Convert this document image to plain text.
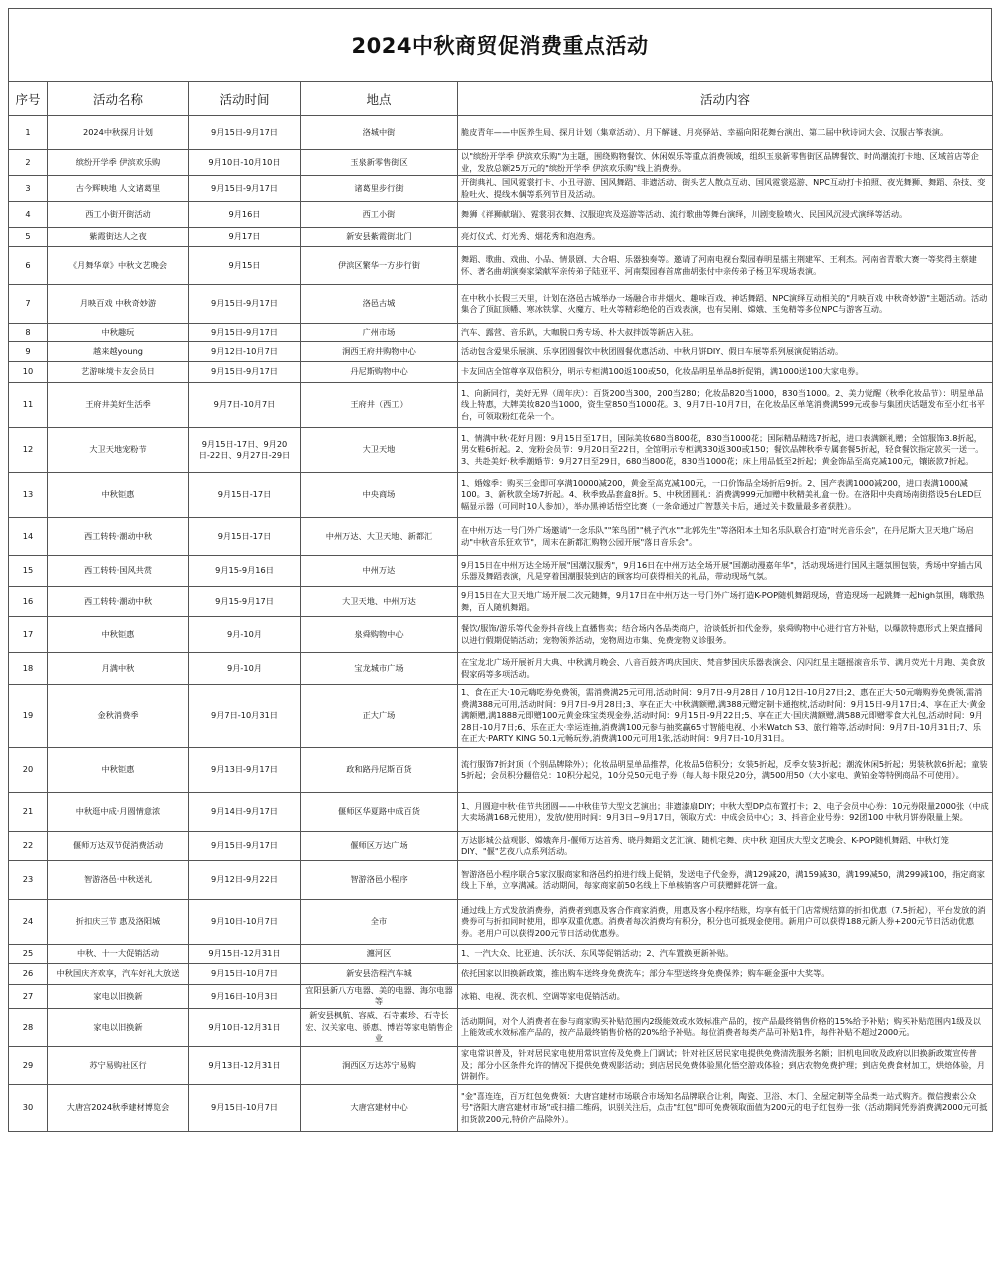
2024中秋商贸促消费重点活动
序号	活动名称	活动时间	地点	活动内容
1	2024中秋探月计划	9月15日-9月17日	洛城中街	脆皮青年——中医养生局、探月计划（集章活动）、月下解谜、月亮驿站、幸福向阳花舞台演出、第二届中秋诗词大会、汉服古筝表演。
2	缤纷开学季 伊滨欢乐购	9月10日-10月10日	玉泉新零售街区	以"缤纷开学季 伊滨欢乐购"为主题，围绕购物餐饮、休闲娱乐等重点消费领域，组织玉泉新零售街区品牌餐饮、时尚潮流打卡地、区域首店等企业，发放总额25万元的"缤纷开学季 伊滨欢乐购"线上消费券。
3	古今辉映地 人文诸葛里	9月15日-9月17日	诸葛里步行街	开街典礼、国风霓裳打卡、小丑寻游、国风舞蹈、非遗活动、街头艺人散点互动、国风霓裳巡游、NPC互动打卡拍照、夜光舞狮、舞蹈、杂技、变脸吐火、提线木偶等系列节目及活动。
4	西工小街开街活动	9月16日	西工小街	舞狮《祥狮献瑞》、霓裳羽衣舞、汉服迎宾及巡游等活动、流行歌曲等舞台演绎，川剧变脸喷火、民国风沉浸式演绎等活动。
5	紫霞街达人之夜	9月17日	新安县紫霞街北门	亮灯仪式、灯光秀、烟花秀和泡泡秀。
6	《月舞华章》中秋文艺晚会	9月15日	伊滨区繁华一方步行街	舞蹈、歌曲、戏曲、小品、情景剧、大合唱、乐器独奏等。邀请了河南电视台梨园春明星擂主荆建军、王利杰。河南省青歌大赛一等奖得主蔡建怀、著名曲胡演奏家梁献军亲传弟子陆亚平、河南梨园春首席曲胡张付中亲传弟子杨卫军现场表演。
7	月映百戏 中秋奇妙游	9月15日-9月17日	洛邑古城	在中秋小长假三天里，计划在洛邑古城举办一场融合市井烟火、趣味百戏、神话舞蹈、NPC演绎互动相关的"月映百戏 中秋奇妙游"主题活动。活动集合了顶缸顶幡、寒冰铁掌、火魔方、吐火等精彩绝伦的百戏表演，也有吴刚、嫦娥、玉兔精等多位NPC与游客互动。
8	中秋趣玩	9月15日-9月17日	广州市场	汽车、露营、音乐趴，大咖脱口秀专场、朴大叔拌饭等新店入驻。
9	越来越young	9月12日-10月7日	涧西王府井购物中心	活动包含爱果乐展演、乐享团圆餐饮中秋团圆餐优惠活动、中秋月饼DIY、假日车展等系列展演促销活动。
10	艺游味境卡友会员日	9月15日-9月17日	丹尼斯购物中心	卡友回店全馆尊享双倍积分，明示专柜满100返100或50，化妆品明星单品8折促销，满1000送100大家电券。
11	王府井美好生活季	9月7日-10月7日	王府井（西工）	1、向新同行，美好无界（周年庆）：百货200当300，200当280；化妆品820当1000，830当1000。2、美力觉醒（秋季化妆品节）：明星单品线上特惠，大牌美妆820当1000，资生堂850当1000花。3、9月7日-10月7日，在化妆品区单笔消费满599元或参与集团庆话题发布至小红书平台，可领取粉红花朵一个。
12	大卫天地宠粉节	9月15日-17日、9月20日-22日、9月27日-29日	大卫天地	1、情满中秋·花好月圆：9月15日至17日，国际美妆680当800花，830当1000花；国际精品精选7折起，进口表满额礼赠；全馆服饰3.8折起，男女鞋6折起。2、宠粉会员节：9月20日至22日，全馆明示专柜满330返300或150；餐饮品牌秋季专属套餐5折起，轻食餐饮指定款买一送一。3、共赴美好·秋季潮婚节：9月27日至29日，680当800花，830当1000花；床上用品低至2折起；黄金饰品至高克减100元，镶嵌款7折起。
13	中秋钜惠	9月15日-17日	中央商场	1、婚嫁季：购买三金即可享满10000减200，黄金至高克减100元，一口价饰品全场折后9折。2、国产表满1000减200，进口表满1000减100。3、新秋款全场7折起。4、秋季致品套盒8折。5、中秋团圆礼：消费满999元加赠中秋精美礼盒一份。在洛阳中央商场南街搭设5台LED巨幅显示器（可同时10人参加），举办黑神话悟空比赛（一条命通过广智慧关卡后，通过关卡数量最多者获胜）。
14	西工转转·潮动中秋	9月15日-17日	中州万达、大卫天地、新都汇	在中州万达一号门外广场邀请"一念乐队""笨鸟团""桃子汽水""北郭先生"等洛阳本土知名乐队联合打造"时光音乐会"，在丹尼斯大卫天地广场启动"中秋音乐狂欢节"，周末在新都汇购物公园开展"落日音乐会"。
15	西工转转·国风共赏	9月15-9月16日	中州万达	9月15日在中州万达全场开展"国潮汉服秀"，9月16日在中州万达全场开展"国潮动漫嘉年华"，活动现场进行国风主题氛围包装，秀场中穿插古风乐器及舞蹈表演，凡是穿着国潮服装到店的顾客均可获得相关的礼品，带动现场气氛。
16	西工转转·潮动中秋	9月15-9月17日	大卫天地、中州万达	9月15日在大卫天地广场开展二次元随舞，9月17日在中州万达一号门外广场打造K-POP随机舞蹈现场，营造现场一起跳舞一起high氛围，嗨歌热舞，百人随机舞蹈。
17	中秋钜惠	9月-10月	泉舜购物中心	餐饮/服饰/游乐等代金券抖音线上直播售卖；结合场内各品类商户，洽谈低折扣代金券，泉舜购物中心进行官方补贴，以爆款特惠形式上架直播间以进行假期促销活动；宠物领养活动，宠物周边市集、免费宠物义诊服务。
18	月满中秋	9月-10月	宝龙城市广场	在宝龙北广场开展祈月大典、中秋满月晚会、八音百鼓齐鸣庆国庆、梵音梦国庆乐器表演会、闪闪红星主题摇滚音乐节、满月荧光十月跑、美食放假家码等多项活动。
19	金秋消费季	9月7日-10月31日	正大广场	1、食在正大·10元嗨吃券免费领，需消费满25元可用,活动时间：9月7日-9月28日 / 10月12日-10月27日;2、惠在正大·50元嗨购券免费领,需消费满388元可用,活动时间：9月7日-9月28日;3、享在正大·中秋满额赠,满388元赠定制卡通抱枕,活动时间：9月15日-9月17日;4、享在正大·黄金满额赠,满1888元即赠100元黄金珠宝类现金券,活动时间：9月15日-9月22日;5、享在正大·国庆满额赠,满588元即赠零食大礼包,活动时间：9月28日-10月7日;6、乐在正大·幸运连抽,消费满100元参与抽奖赢65寸智能电视、小米Watch S3、旅行箱等,活动时间：9月7日-10月31日;7、乐在正大·PARTY KING 50.1元畅玩券,消费满100元可用1张,活动时间：9月7日-10月31日。
20	中秋钜惠	9月13日-9月17日	政和路丹尼斯百货	流行服饰7折封顶（个别品牌除外）；化妆品明星单品推荐，化妆品5倍积分；女装5折起，反季女装3折起；潮流休闲5折起；男装秋款6折起；童装5折起；会员积分翻倍兑：10积分起兑，10分兑50元电子券（每人每卡限兑20分，满500用50（大小家电、黄铂金等特例商品不可使用）。
21	中秋逛中成·月圆情意浓	9月14日-9月17日	偃师区华夏路中成百货	1、月圆迎中秋·佳节共团圆——中秋佳节大型文艺演出；非遗漆扇DIY；中秋大型DP点布置打卡；2、电子会员中心券：10元券限量2000张（中成大卖场满168元使用），发放/使用时间：9月3日~9月17日，领取方式：中成会员中心；3、抖音企业号券：92团100 中秋月饼券限量上架。
22	偃师万达双节促消费活动	9月15日-9月17日	偃师区万达广场	万达影城公益观影、嫦娥奔月-偃师万达首秀、晓丹舞蹈文艺汇演、随机宅舞、庆中秋 迎国庆大型文艺晚会、K-POP随机舞蹈、中秋灯笼DIY、"偃"艺夜八点系列活动。
23	智游洛邑·中秋送礼	9月12日-9月22日	智游洛邑小程序	智游洛邑小程序联合5家汉服商家和洛邑约拍进行线上促销，发送电子代金券，满129减20，满159减30，满199减50，满299减100，指定商家线上下单，立享满减。活动期间，每家商家前50名线上下单核销客户可获赠鲜花饼一盒。
24	折扣庆三节 惠及洛阳城	9月10日-10月7日	全市	通过线上方式发放消费券，消费者到惠及客合作商家消费，用惠及客小程序结账，均享有低于门店常规结算的折扣优惠（7.5折起），平台发放的消费券可与折扣同时使用，即享双重优惠。消费者每次消费均有积分，积分也可抵现金使用。新用户可以获得188元新人券+200元节日活动优惠券。老用户可以获得200元节日活动优惠券。
25	中秋、十一大促销活动	9月15日-12月31日	瀍河区	1、一汽大众、比亚迪、沃尔沃、东风等促销活动；2、汽车置换更新补贴。
26	中秋国庆齐欢享，汽车好礼大放送	9月15日-10月7日	新安县浩程汽车城	依托国家以旧换新政策，推出购车送终身免费洗车；部分车型送终身免费保养；购车砸金蛋中大奖等。
27	家电以旧换新	9月16日-10月3日	宜阳县新八方电器、美的电器、海尔电器等	冰箱、电视、洗衣机、空调等家电促销活动。
28	家电以旧换新	9月10日-12月31日	新安县枫航、容威、石寺素珍、石寺长宏、汉关家电、骄惠、博岩等家电销售企业	活动期间，对个人消费者在参与商家购买补贴范围内2级能效或水效标准产品的，按产品最终销售价格的15%给予补贴；购买补贴范围内1级及以上能效或水效标准产品的，按产品最终销售价格的20%给予补贴。每位消费者每类产品可补贴1件，每件补贴不超过2000元。
29	苏宁易购社区行	9月13日-12月31日	涧西区万达苏宁易购	家电常识普及，针对居民家电使用常识宣传及免费上门调试；针对社区居民家电提供免费清洗服务名额；旧机电回收及政府以旧换新政策宣传普及；部分小区条件允许的情况下提供免费观影活动；到店居民免费体验黑化悟空游戏体验；到店农物免费护理；到店免费食材加工，烘焙体验，月饼制作。
30	大唐宫2024秋季建材博览会	9月15日-10月7日	大唐宫建材中心	"金"喜连连，百万红包免费领：大唐宫建材市场联合市场知名品牌联合让利，陶瓷、卫浴、木门、全屋定制等全品类一站式购齐。微信搜索公众号"洛阳大唐宫建材市场"或扫描二维码，识别关注后，点击"红包"即可免费领取面值为200元的电子红包券一张（活动期间凭券消费满2000元可抵扣货款200元,特价产品除外）。
